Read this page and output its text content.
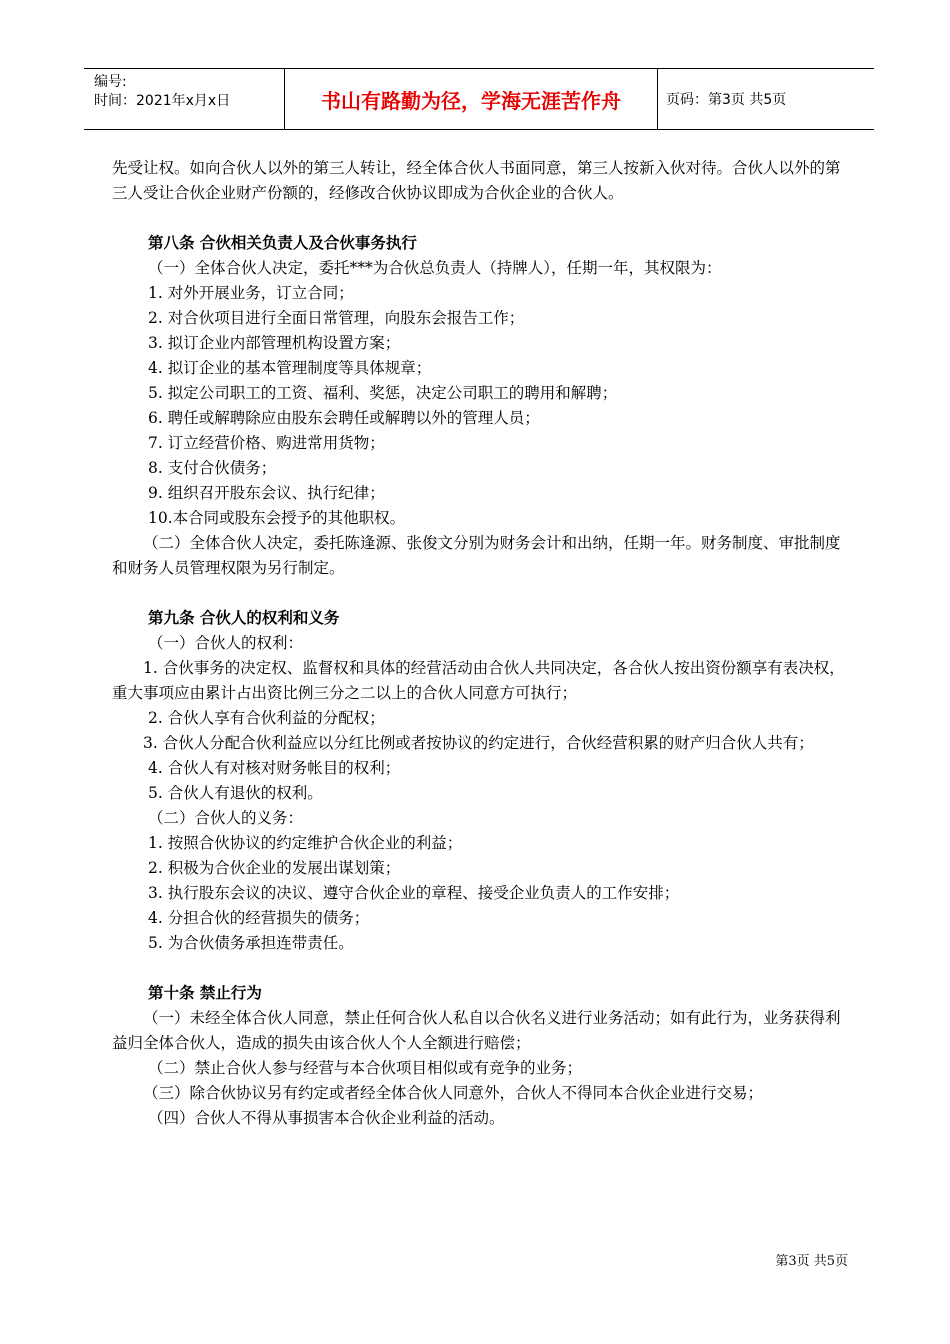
编号:
时间：2021年x月x日	书山有路勤为径，学海无涯苦作舟	页码：第3页 共5页

先受让权。如向合伙人以外的第三人转让，经全体合伙人书面同意，第三人按新入伙对待。合伙人以外的第三人受让合伙企业财产份额的，经修改合伙协议即成为合伙企业的合伙人。

第八条 合伙相关负责人及合伙事务执行
（一）全体合伙人决定，委托***为合伙总负责人（持牌人），任期一年，其权限为：
1. 对外开展业务，订立合同；
2. 对合伙项目进行全面日常管理，向股东会报告工作；
3. 拟订企业内部管理机构设置方案；
4. 拟订企业的基本管理制度等具体规章；
5. 拟定公司职工的工资、福利、奖惩，决定公司职工的聘用和解聘；
6. 聘任或解聘除应由股东会聘任或解聘以外的管理人员；
7. 订立经营价格、购进常用货物；
8. 支付合伙债务；
9. 组织召开股东会议、执行纪律；
10.本合同或股东会授予的其他职权。
（二）全体合伙人决定，委托陈逢源、张俊文分别为财务会计和出纳，任期一年。财务制度、审批制度和财务人员管理权限为另行制定。
第九条 合伙人的权利和义务
（一）合伙人的权利：
1. 合伙事务的决定权、监督权和具体的经营活动由合伙人共同决定，各合伙人按出资份额享有表决权，重大事项应由累计占出资比例三分之二以上的合伙人同意方可执行；
2. 合伙人享有合伙利益的分配权；
3. 合伙人分配合伙利益应以分红比例或者按协议的约定进行，合伙经营积累的财产归合伙人共有；
4. 合伙人有对核对财务帐目的权利；
5. 合伙人有退伙的权利。
（二）合伙人的义务：
1. 按照合伙协议的约定维护合伙企业的利益；
2. 积极为合伙企业的发展出谋划策；
3. 执行股东会议的决议、遵守合伙企业的章程、接受企业负责人的工作安排；
4. 分担合伙的经营损失的债务；
5. 为合伙债务承担连带责任。
第十条 禁止行为
（一）未经全体合伙人同意，禁止任何合伙人私自以合伙名义进行业务活动；如有此行为，业务获得利益归全体合伙人，造成的损失由该合伙人个人全额进行赔偿；
（二）禁止合伙人参与经营与本合伙项目相似或有竞争的业务；
（三）除合伙协议另有约定或者经全体合伙人同意外，合伙人不得同本合伙企业进行交易；
（四）合伙人不得从事损害本合伙企业利益的活动。
第3页 共5页
